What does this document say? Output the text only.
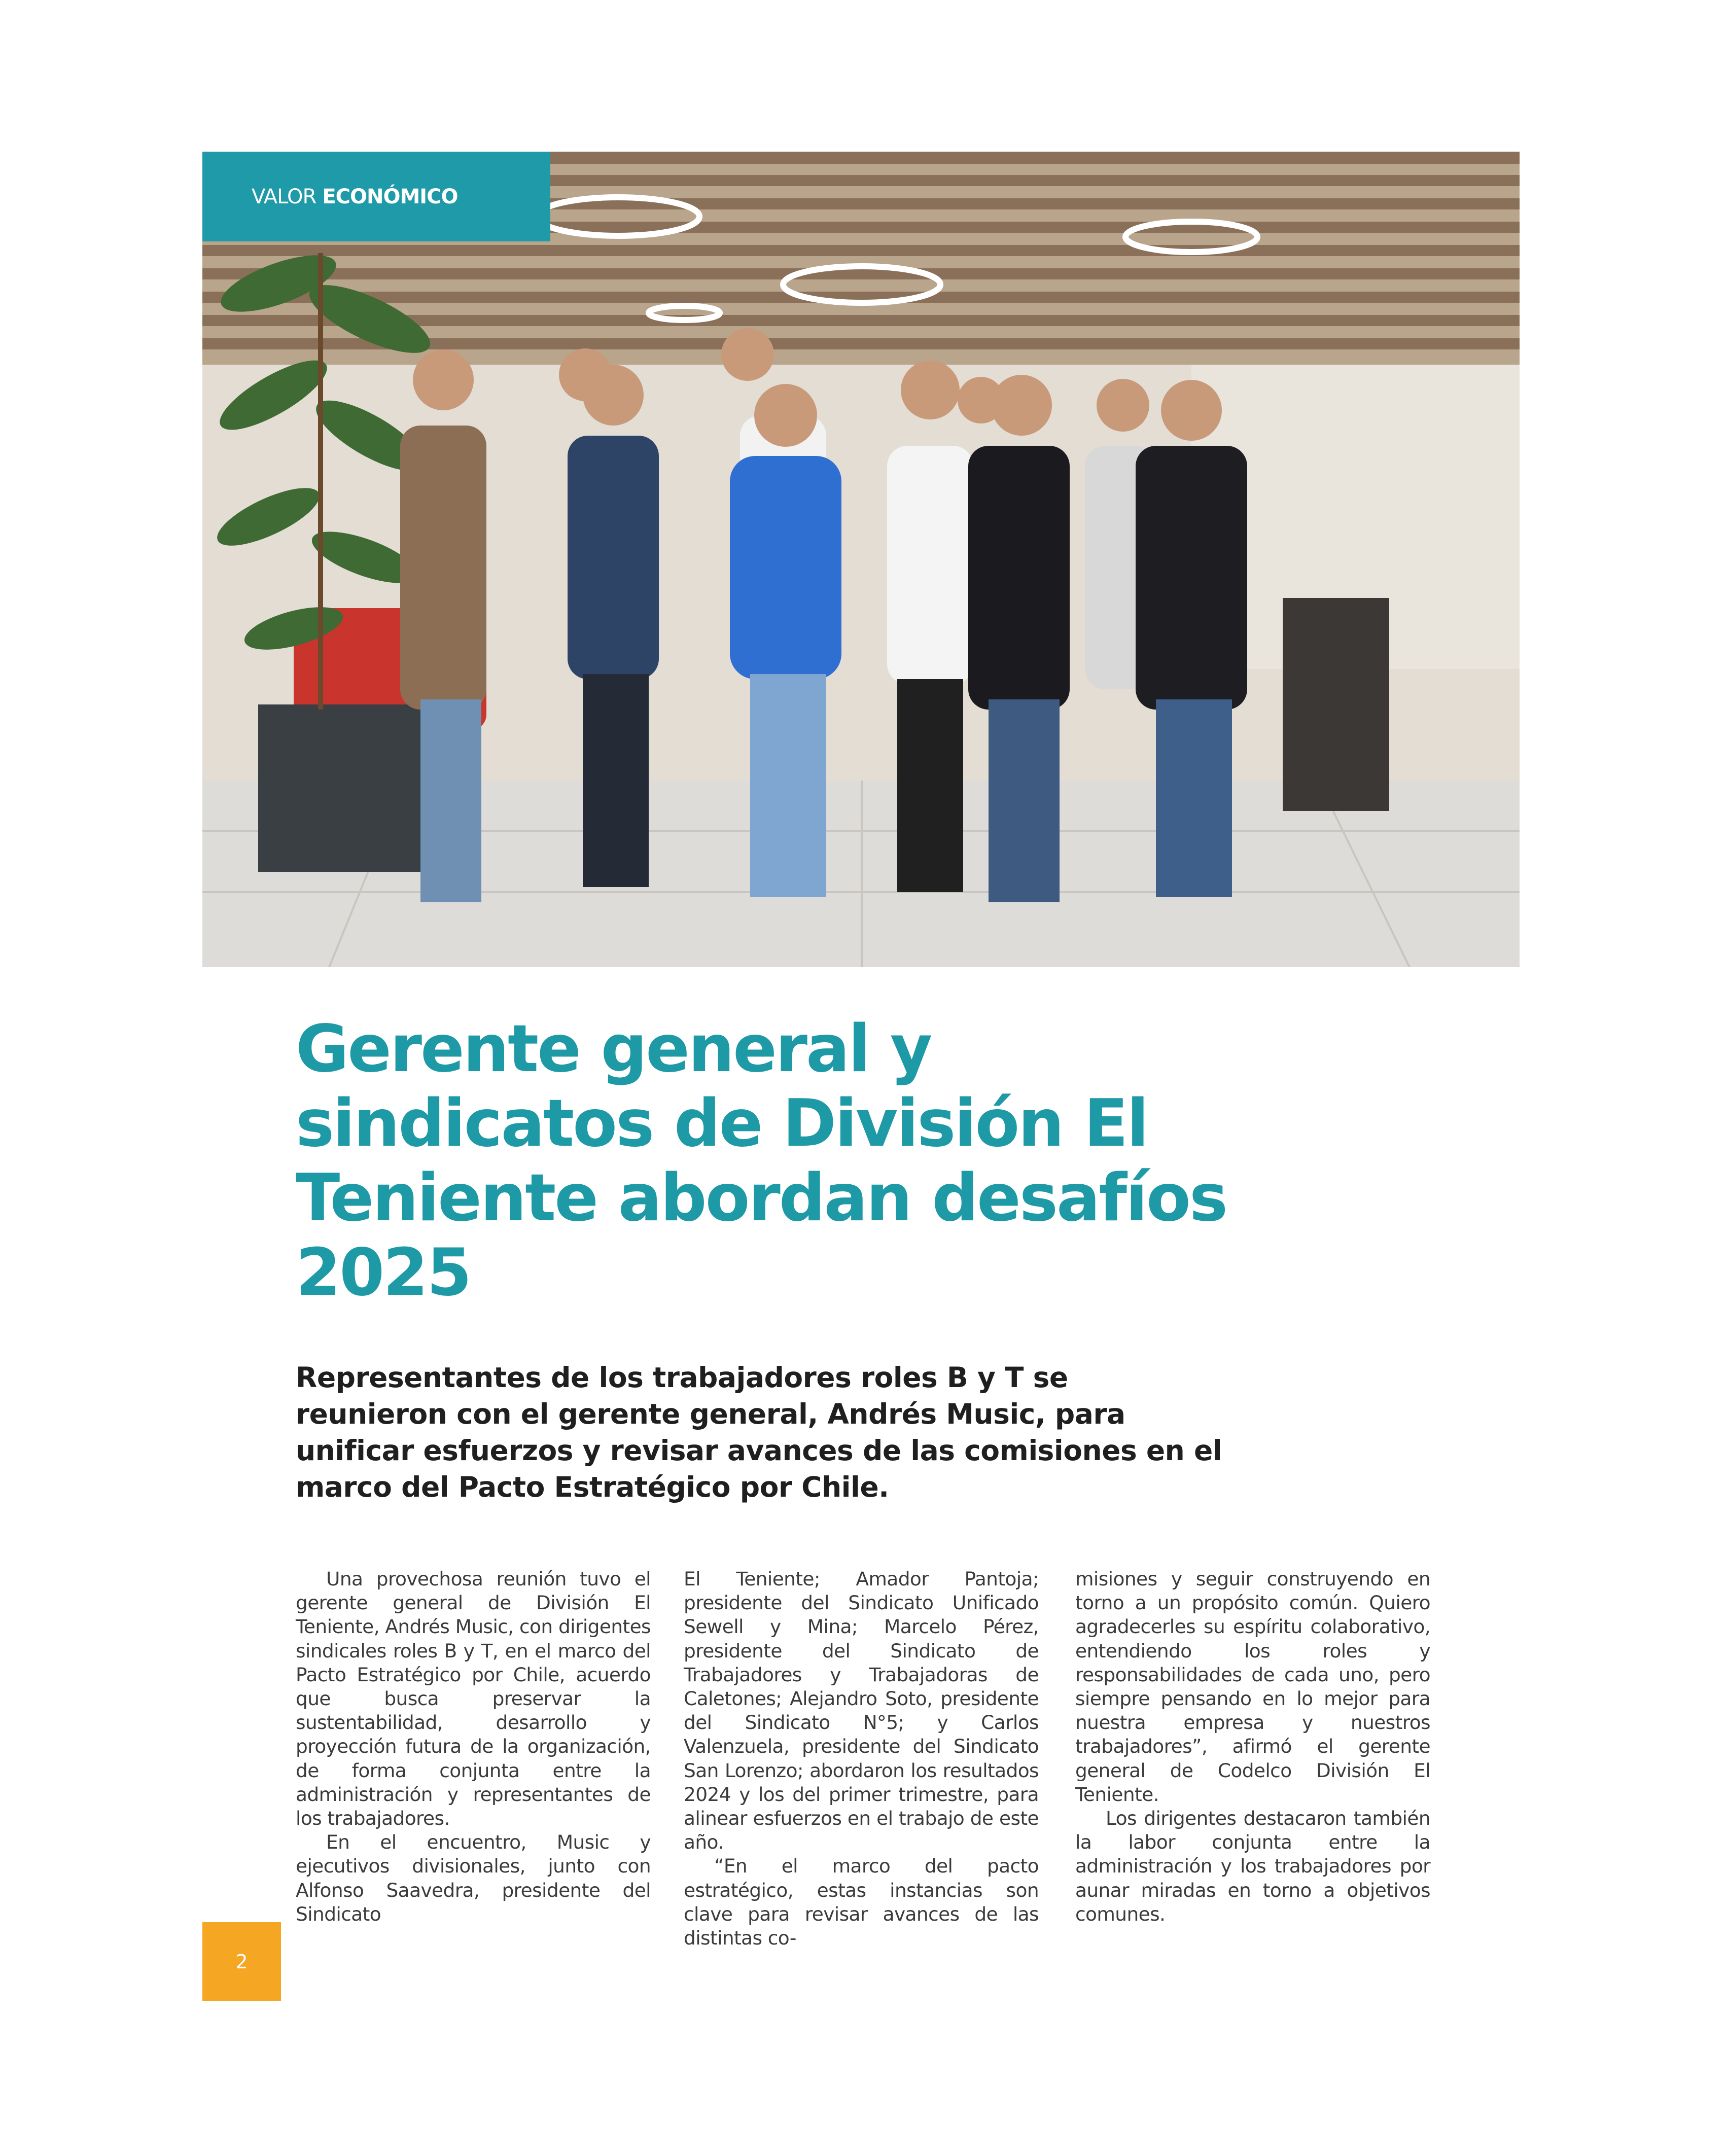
VALOR ECONÓMICO
Gerente general y sindicatos de División El Teniente abordan desafíos 2025

Representantes de los trabajadores roles B y T se reunieron con el gerente general, Andrés Music, para unificar esfuerzos y revisar avances de las comisiones en el marco del Pacto Estratégico por Chile.

Una provechosa reunión tuvo el gerente general de División El Teniente, Andrés Music, con dirigentes sindicales roles B y T, en el marco del Pacto Estratégico por Chile, acuerdo que busca preservar la sustentabilidad, desarrollo y proyección futura de la organización, de forma conjunta entre la administración y representantes de los trabajadores.

En el encuentro, Music y ejecutivos divisionales, junto con Alfonso Saavedra, presidente del Sindicato

El Teniente; Amador Pantoja; presidente del Sindicato Unificado Sewell y Mina; Marcelo Pérez, presidente del Sindicato de Trabajadores y Trabajadoras de Caletones; Alejandro Soto, presidente del Sindicato N°5; y Carlos Valenzuela, presidente del Sindicato San Lorenzo; abordaron los resultados 2024 y los del primer trimestre, para alinear esfuerzos en el trabajo de este año.

“En el marco del pacto estratégico, estas instancias son clave para revisar avances de las distintas co-

misiones y seguir construyendo en torno a un propósito común. Quiero agradecerles su espíritu colaborativo, entendiendo los roles y responsabilidades de cada uno, pero siempre pensando en lo mejor para nuestra empresa y nuestros trabajadores”, afirmó el gerente general de Codelco División El Teniente.

Los dirigentes destacaron también la labor conjunta entre la administración y los trabajadores por aunar miradas en torno a objetivos comunes.

2
